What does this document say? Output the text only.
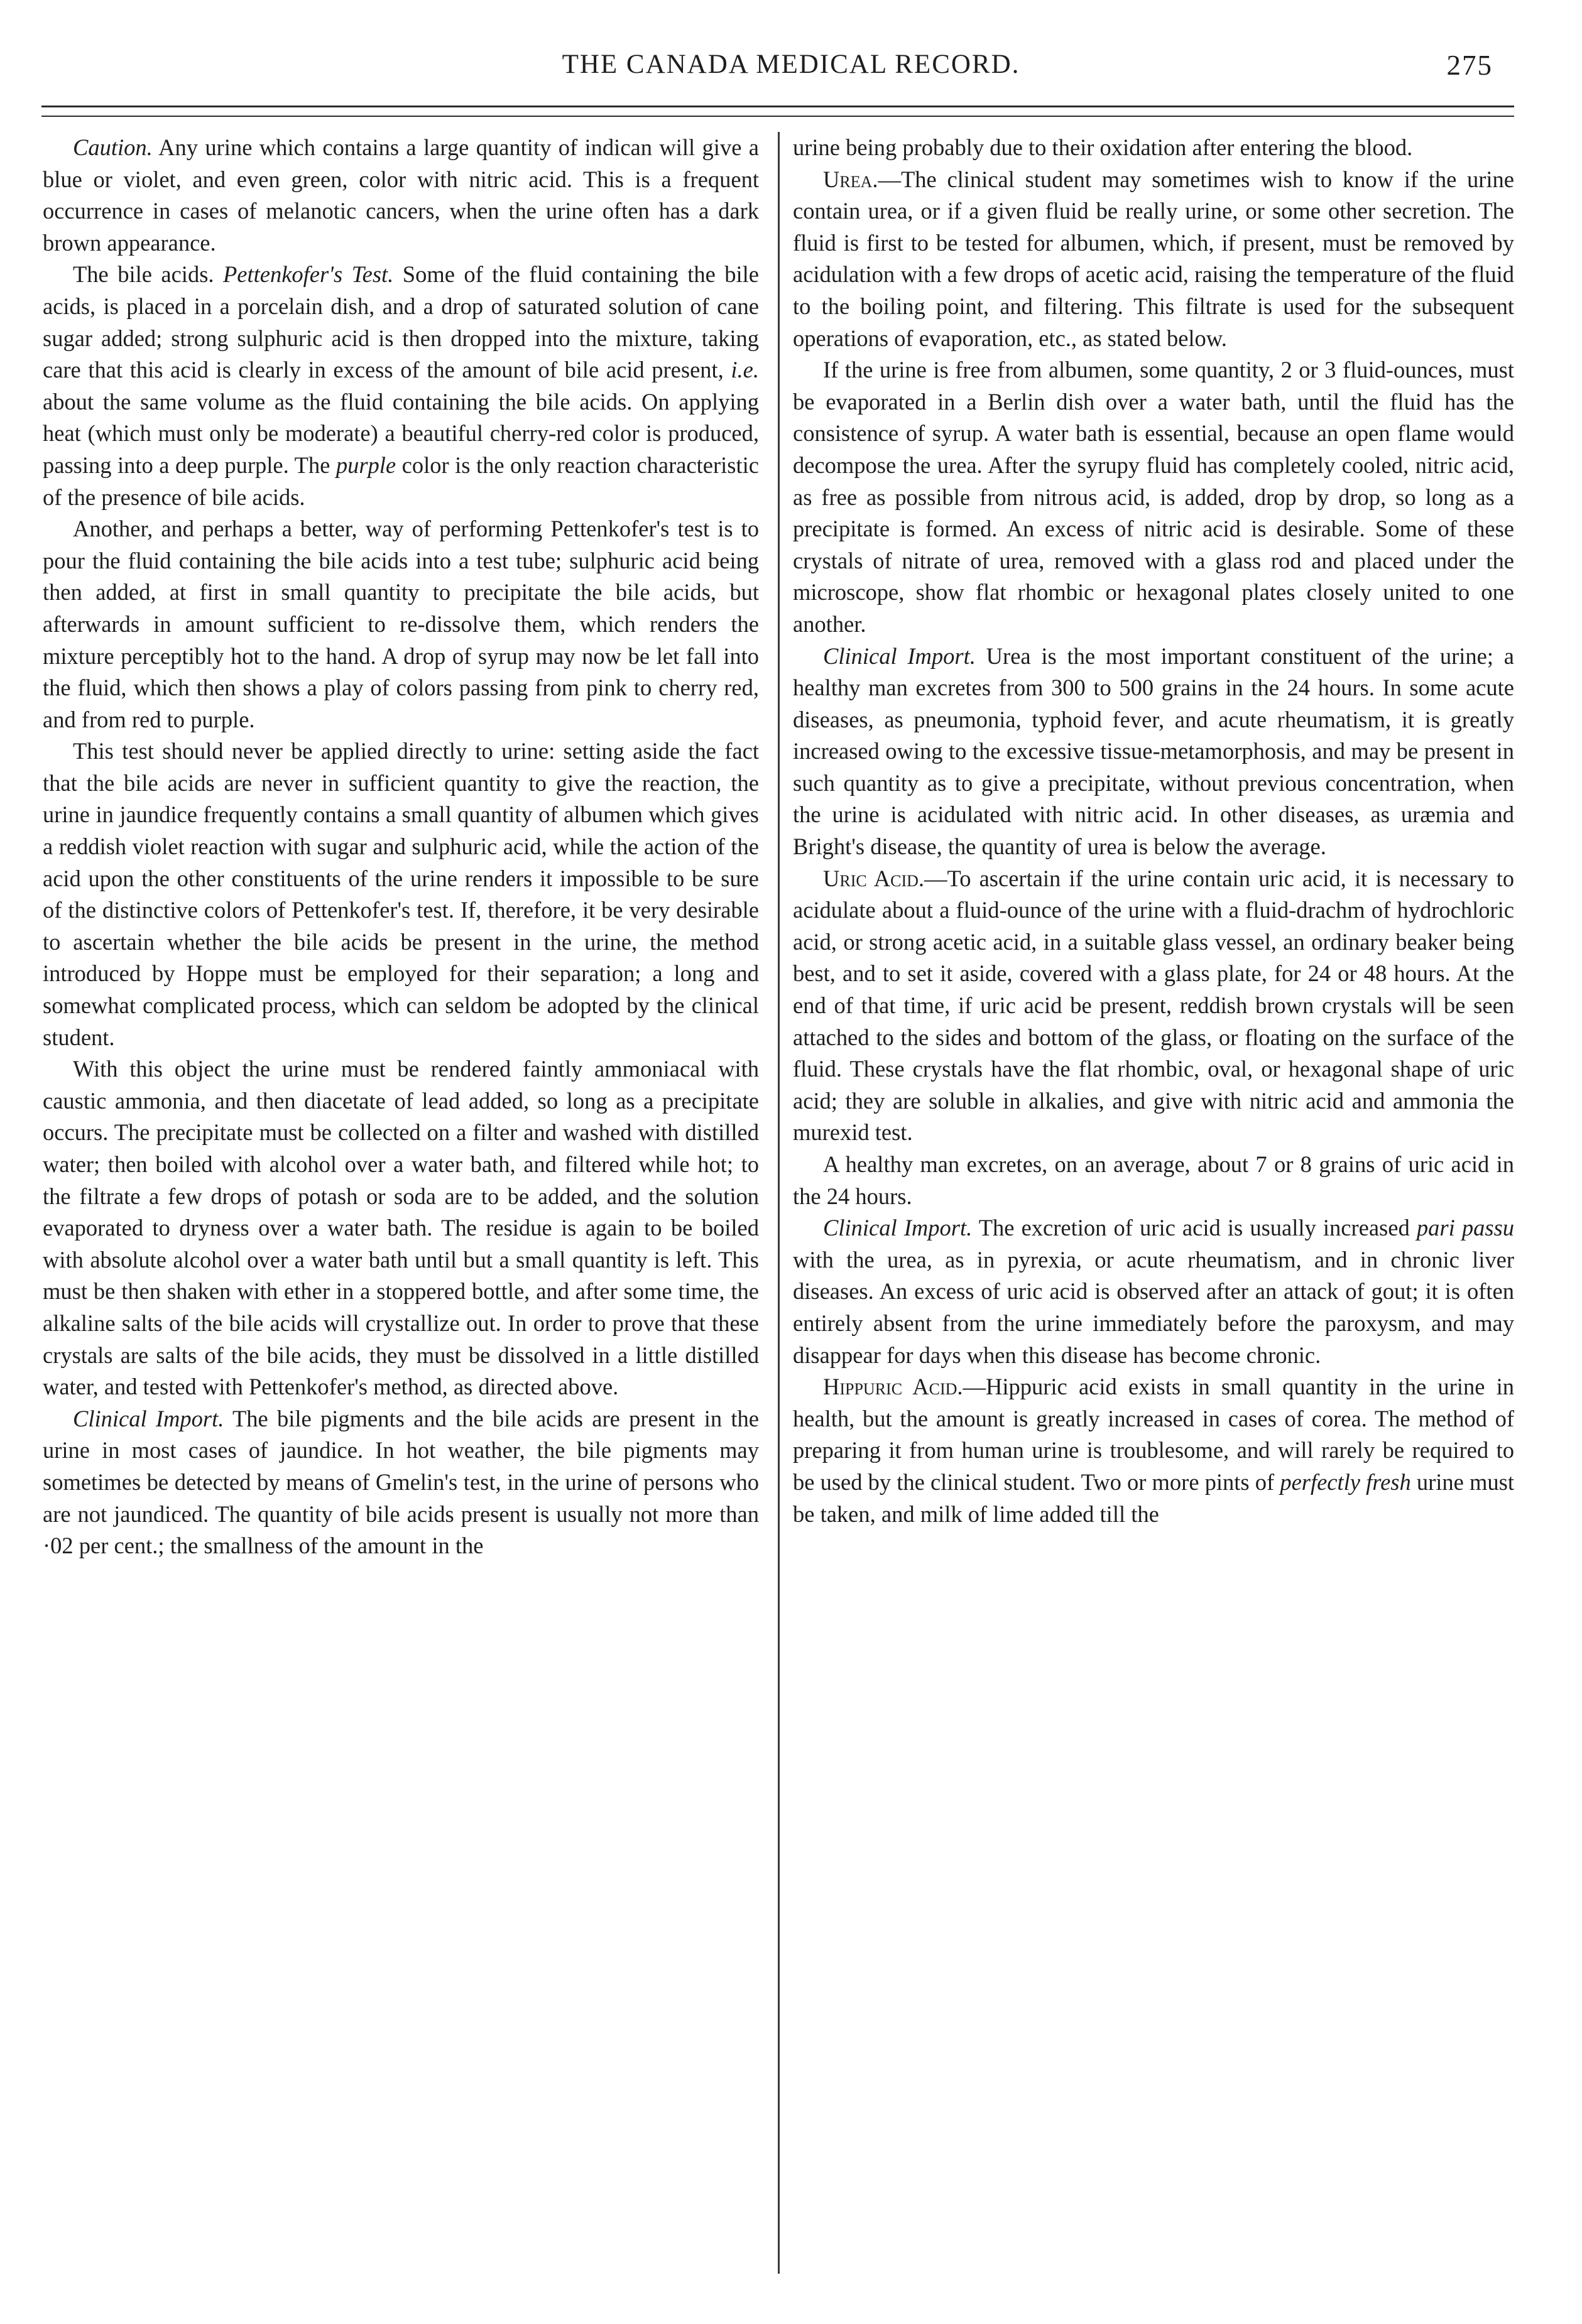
THE CANADA MEDICAL RECORD.	275

Caution. Any urine which contains a large quantity of indican will give a blue or violet, and even green, color with nitric acid. This is a frequent occurrence in cases of melanotic cancers, when the urine often has a dark brown appearance.

The bile acids. Pettenkofer's Test. Some of the fluid containing the bile acids, is placed in a porcelain dish, and a drop of saturated solution of cane sugar added; strong sulphuric acid is then dropped into the mixture, taking care that this acid is clearly in excess of the amount of bile acid present, i.e. about the same volume as the fluid containing the bile acids. On applying heat (which must only be moderate) a beautiful cherry-red color is produced, passing into a deep purple. The purple color is the only reaction characteristic of the presence of bile acids.

Another, and perhaps a better, way of performing Pettenkofer's test is to pour the fluid containing the bile acids into a test tube; sulphuric acid being then added, at first in small quantity to precipitate the bile acids, but afterwards in amount sufficient to re-dissolve them, which renders the mixture perceptibly hot to the hand. A drop of syrup may now be let fall into the fluid, which then shows a play of colors passing from pink to cherry red, and from red to purple.

This test should never be applied directly to urine: setting aside the fact that the bile acids are never in sufficient quantity to give the reaction, the urine in jaundice frequently contains a small quantity of albumen which gives a reddish violet reaction with sugar and sulphuric acid, while the action of the acid upon the other constituents of the urine renders it impossible to be sure of the distinctive colors of Pettenkofer's test. If, therefore, it be very desirable to ascertain whether the bile acids be present in the urine, the method introduced by Hoppe must be employed for their separation; a long and somewhat complicated process, which can seldom be adopted by the clinical student.

With this object the urine must be rendered faintly ammoniacal with caustic ammonia, and then diacetate of lead added, so long as a precipitate occurs. The precipitate must be collected on a filter and washed with distilled water; then boiled with alcohol over a water bath, and filtered while hot; to the filtrate a few drops of potash or soda are to be added, and the solution evaporated to dryness over a water bath. The residue is again to be boiled with absolute alcohol over a water bath until but a small quantity is left. This must be then shaken with ether in a stoppered bottle, and after some time, the alkaline salts of the bile acids will crystallize out. In order to prove that these crystals are salts of the bile acids, they must be dissolved in a little distilled water, and tested with Pettenkofer's method, as directed above.

Clinical Import. The bile pigments and the bile acids are present in the urine in most cases of jaundice. In hot weather, the bile pigments may sometimes be detected by means of Gmelin's test, in the urine of persons who are not jaundiced. The quantity of bile acids present is usually not more than ·02 per cent.; the smallness of the amount in the

urine being probably due to their oxidation after entering the blood.

Urea.—The clinical student may sometimes wish to know if the urine contain urea, or if a given fluid be really urine, or some other secretion. The fluid is first to be tested for albumen, which, if present, must be removed by acidulation with a few drops of acetic acid, raising the temperature of the fluid to the boiling point, and filtering. This filtrate is used for the subsequent operations of evaporation, etc., as stated below.

If the urine is free from albumen, some quantity, 2 or 3 fluid-ounces, must be evaporated in a Berlin dish over a water bath, until the fluid has the consistence of syrup. A water bath is essential, because an open flame would decompose the urea. After the syrupy fluid has completely cooled, nitric acid, as free as possible from nitrous acid, is added, drop by drop, so long as a precipitate is formed. An excess of nitric acid is desirable. Some of these crystals of nitrate of urea, removed with a glass rod and placed under the microscope, show flat rhombic or hexagonal plates closely united to one another.

Clinical Import. Urea is the most important constituent of the urine; a healthy man excretes from 300 to 500 grains in the 24 hours. In some acute diseases, as pneumonia, typhoid fever, and acute rheumatism, it is greatly increased owing to the excessive tissue-metamorphosis, and may be present in such quantity as to give a precipitate, without previous concentration, when the urine is acidulated with nitric acid. In other diseases, as uræmia and Bright's disease, the quantity of urea is below the average.

Uric Acid.—To ascertain if the urine contain uric acid, it is necessary to acidulate about a fluid-ounce of the urine with a fluid-drachm of hydrochloric acid, or strong acetic acid, in a suitable glass vessel, an ordinary beaker being best, and to set it aside, covered with a glass plate, for 24 or 48 hours. At the end of that time, if uric acid be present, reddish brown crystals will be seen attached to the sides and bottom of the glass, or floating on the surface of the fluid. These crystals have the flat rhombic, oval, or hexagonal shape of uric acid; they are soluble in alkalies, and give with nitric acid and ammonia the murexid test.

A healthy man excretes, on an average, about 7 or 8 grains of uric acid in the 24 hours.

Clinical Import. The excretion of uric acid is usually increased pari passu with the urea, as in pyrexia, or acute rheumatism, and in chronic liver diseases. An excess of uric acid is observed after an attack of gout; it is often entirely absent from the urine immediately before the paroxysm, and may disappear for days when this disease has become chronic.

Hippuric Acid.—Hippuric acid exists in small quantity in the urine in health, but the amount is greatly increased in cases of corea. The method of preparing it from human urine is troublesome, and will rarely be required to be used by the clinical student. Two or more pints of perfectly fresh urine must be taken, and milk of lime added till the
